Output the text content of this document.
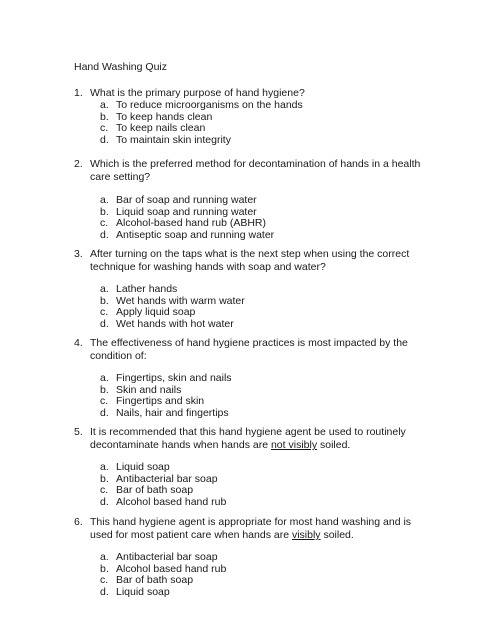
Hand Washing Quiz
1. What is the primary purpose of hand hygiene?
a. To reduce microorganisms on the hands
b. To keep hands clean
c. To keep nails clean
d. To maintain skin integrity
2. Which is the preferred method for decontamination of hands in a health care setting?
a. Bar of soap and running water
b. Liquid soap and running water
c. Alcohol-based hand rub (ABHR)
d. Antiseptic soap and running water
3. After turning on the taps what is the next step when using the correct technique for washing hands with soap and water?
a. Lather hands
b. Wet hands with warm water
c. Apply liquid soap
d. Wet hands with hot water
4. The effectiveness of hand hygiene practices is most impacted by the condition of:
a. Fingertips, skin and nails
b. Skin and nails
c. Fingertips and skin
d. Nails, hair and fingertips
5. It is recommended that this hand hygiene agent be used to routinely decontaminate hands when hands are not visibly soiled.
a. Liquid soap
b. Antibacterial bar soap
c. Bar of bath soap
d. Alcohol based hand rub
6. This hand hygiene agent is appropriate for most hand washing and is used for most patient care when hands are visibly soiled.
a. Antibacterial bar soap
b. Alcohol based hand rub
c. Bar of bath soap
d. Liquid soap
